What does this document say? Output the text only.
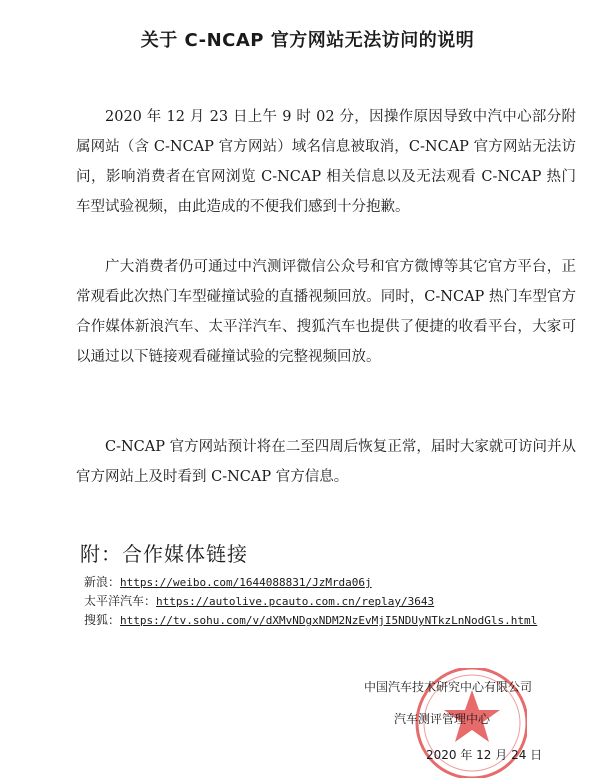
关于 C-NCAP 官方网站无法访问的说明

2020 年 12 月 23 日上午 9 时 02 分，因操作原因导致中汽中心部分附属网站（含 C-NCAP 官方网站）域名信息被取消，C-NCAP 官方网站无法访问，影响消费者在官网浏览 C-NCAP 相关信息以及无法观看 C-NCAP 热门车型试验视频，由此造成的不便我们感到十分抱歉。

广大消费者仍可通过中汽测评微信公众号和官方微博等其它官方平台，正常观看此次热门车型碰撞试验的直播视频回放。同时，C-NCAP 热门车型官方合作媒体新浪汽车、太平洋汽车、搜狐汽车也提供了便捷的收看平台，大家可以通过以下链接观看碰撞试验的完整视频回放。

C-NCAP 官方网站预计将在二至四周后恢复正常，届时大家就可访问并从官方网站上及时看到 C-NCAP 官方信息。

附：合作媒体链接
新浪：https://weibo.com/1644088831/JzMrda06j
太平洋汽车：https://autolive.pcauto.com.cn/replay/3643
搜狐：https://tv.sohu.com/v/dXMvNDgxNDM2NzEvMjI5NDUyNTkzLnNodGls.html
中国汽车技术研究中心有限公司
汽车测评管理中心
2020 年 12 月 24 日
